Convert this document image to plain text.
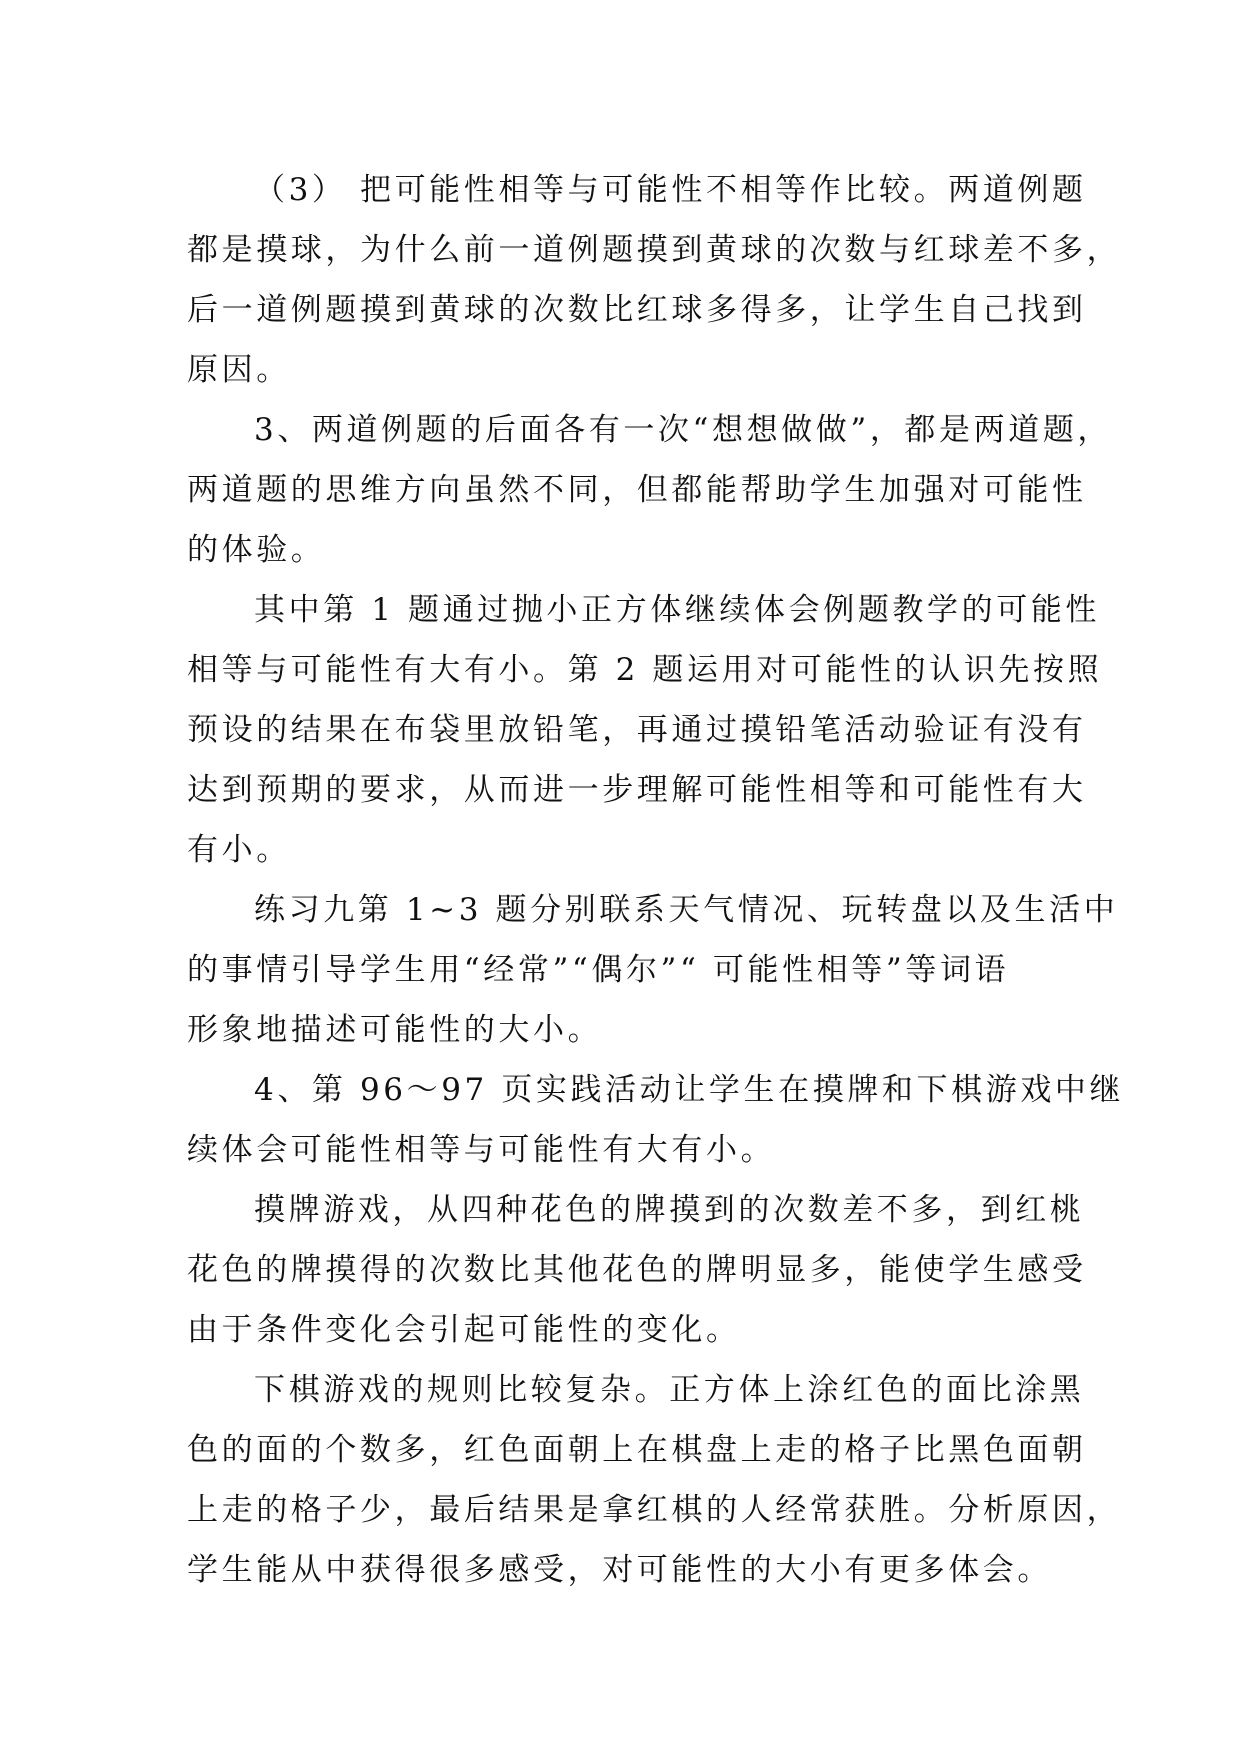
（3） 把可能性相等与可能性不相等作比较。两道例题
都是摸球，为什么前一道例题摸到黄球的次数与红球差不多，
后一道例题摸到黄球的次数比红球多得多，让学生自己找到
原因。
3、两道例题的后面各有一次“想想做做”，都是两道题，
两道题的思维方向虽然不同，但都能帮助学生加强对可能性
的体验。
其中第 1 题通过抛小正方体继续体会例题教学的可能性
相等与可能性有大有小。第 2 题运用对可能性的认识先按照
预设的结果在布袋里放铅笔，再通过摸铅笔活动验证有没有
达到预期的要求，从而进一步理解可能性相等和可能性有大
有小。
练习九第 1~3 题分别联系天气情况、玩转盘以及生活中
的事情引导学生用“经常”“偶尔”“ 可能性相等”等词语
形象地描述可能性的大小。
4、第 96～97 页实践活动让学生在摸牌和下棋游戏中继
续体会可能性相等与可能性有大有小。
摸牌游戏，从四种花色的牌摸到的次数差不多，到红桃
花色的牌摸得的次数比其他花色的牌明显多，能使学生感受
由于条件变化会引起可能性的变化。
下棋游戏的规则比较复杂。正方体上涂红色的面比涂黑
色的面的个数多，红色面朝上在棋盘上走的格子比黑色面朝
上走的格子少，最后结果是拿红棋的人经常获胜。分析原因，
学生能从中获得很多感受，对可能性的大小有更多体会。
